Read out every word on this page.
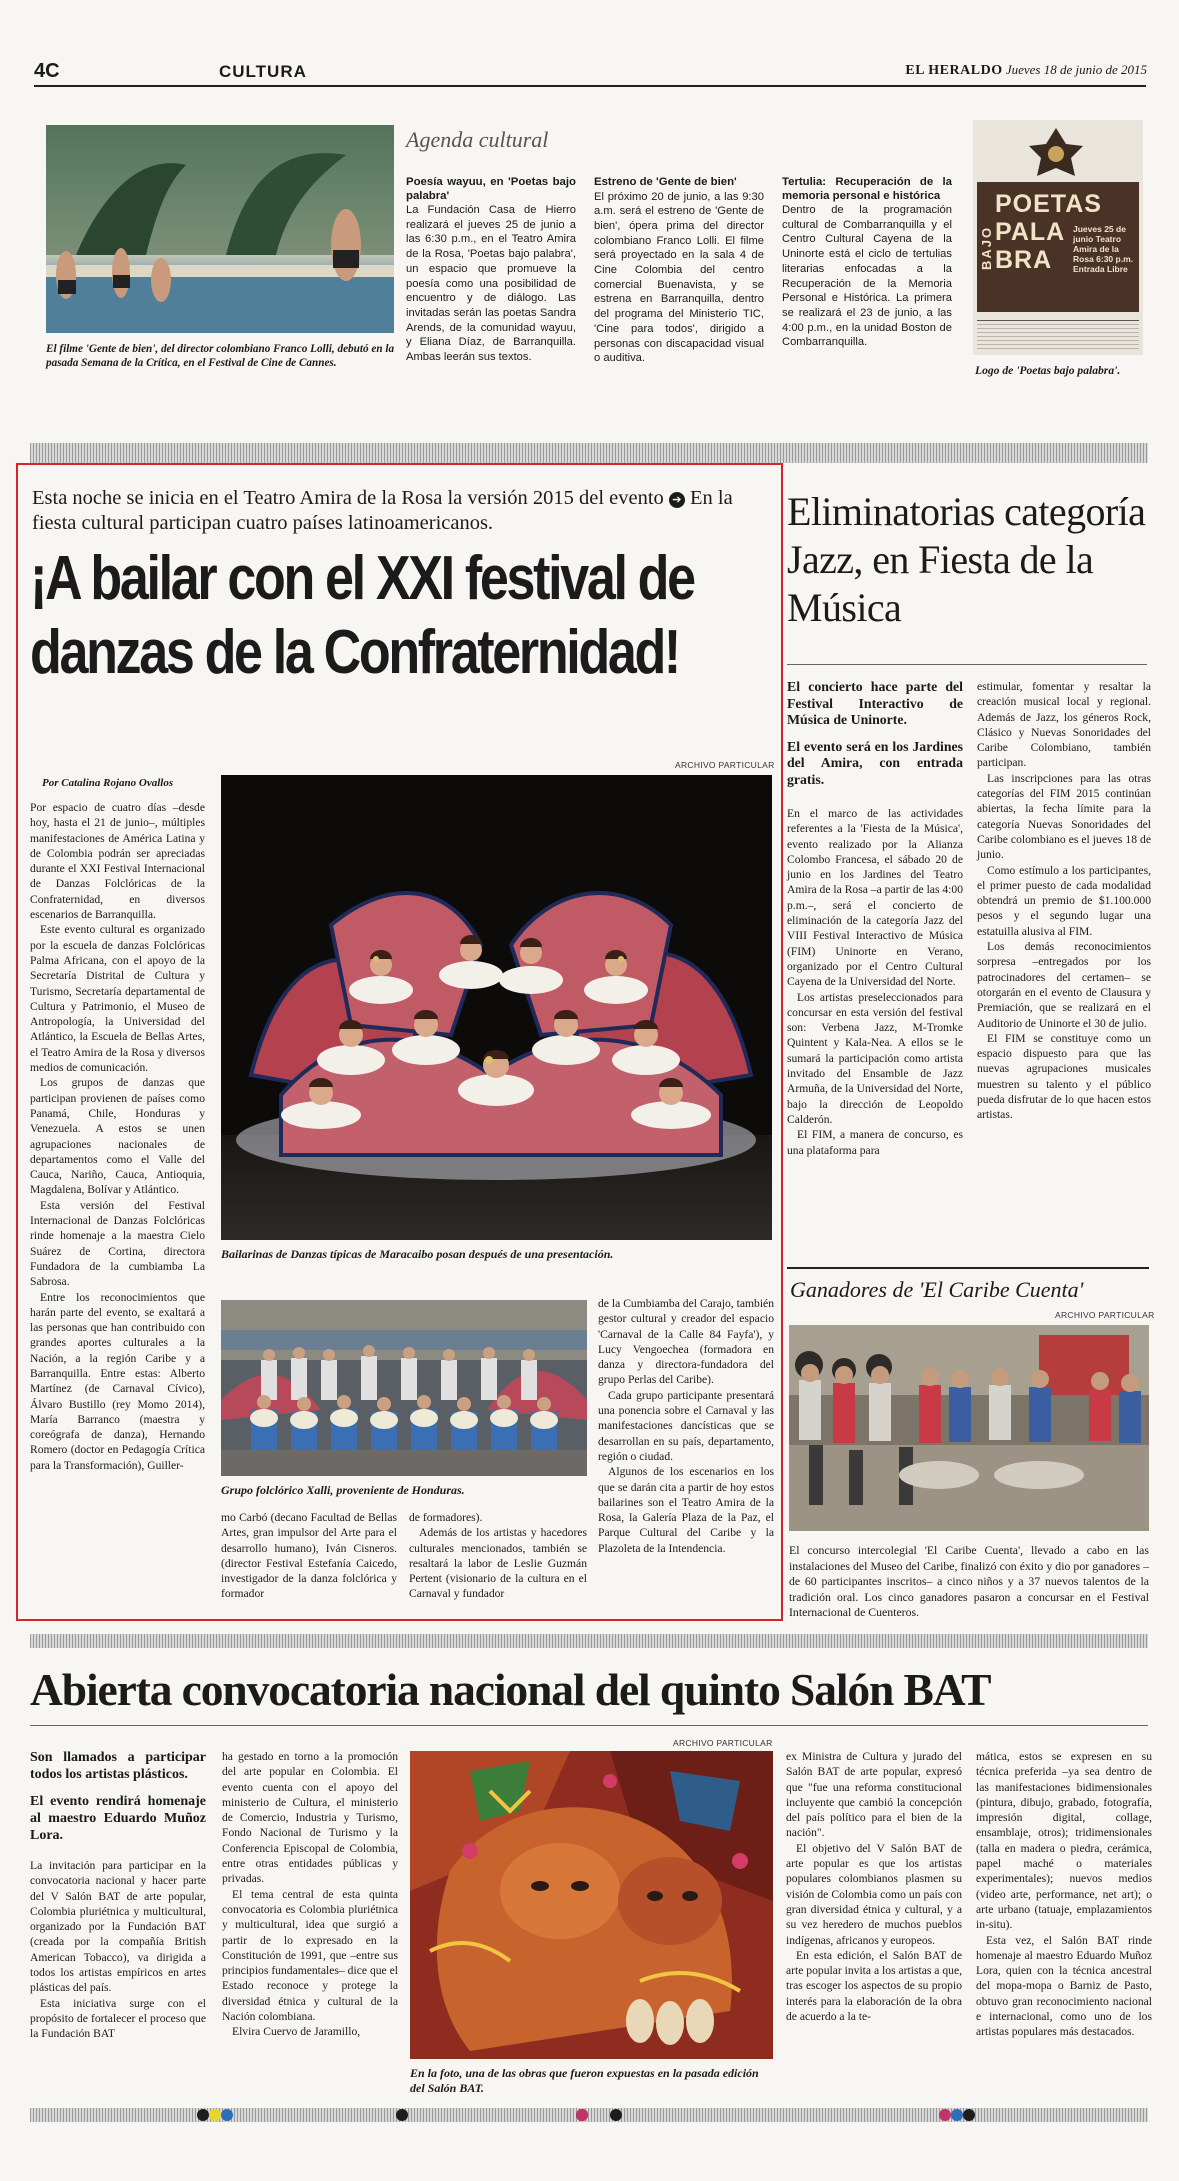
4C	CULTURA	EL HERALDO Jueves 18 de junio de 2015
El filme 'Gente de bien', del director colombiano Franco Lolli, debutó en la pasada Semana de la Crítica, en el Festival de Cine de Cannes.
Agenda cultural

Poesía wayuu, en 'Poetas bajo palabra'

La Fundación Casa de Hierro realizará el jueves 25 de junio a las 6:30 p.m., en el Teatro Amira de la Rosa, 'Poetas bajo palabra', un espacio que promueve la poesía como una posibilidad de encuentro y de diálogo. Las invitadas serán las poetas Sandra Arends, de la comunidad wayuu, y Eliana Díaz, de Barranquilla. Ambas leerán sus textos.

Estreno de 'Gente de bien'

El próximo 20 de junio, a las 9:30 a.m. será el estreno de 'Gente de bien', ópera prima del director colombiano Franco Lolli. El filme será proyectado en la sala 4 de Cine Colombia del centro comercial Buenavista, y se estrena en Barranquilla, dentro del programa del Ministerio TIC, 'Cine para todos', dirigido a personas con discapacidad visual o auditiva.

Tertulia: Recuperación de la memoria personal e histórica

Dentro de la programación cultural de Combarranquilla y el Centro Cultural Cayena de la Uninorte está el ciclo de tertulias literarias enfocadas a la Recuperación de la Memoria Personal e Histórica. La primera se realizará el 23 de junio, a las 4:00 p.m., en la unidad Boston de Combarranquilla.

BAJO
POETAS
PALA
BRA
Jueves 25 de junio Teatro Amira de la Rosa 6:30 p.m. Entrada Libre
Logo de 'Poetas bajo palabra'.
Esta noche se inicia en el Teatro Amira de la Rosa la versión 2015 del evento ➔ En la fiesta cultural participan cuatro países latinoamericanos.
¡A bailar con el XXI festival de danzas de la Confraternidad!
ARCHIVO PARTICULAR
Por Catalina Rojano Ovallos

Por espacio de cuatro días –desde hoy, hasta el 21 de junio–, múltiples manifestaciones de América Latina y de Colombia podrán ser apreciadas durante el XXI Festival Internacional de Danzas Folclóricas de la Confraternidad, en diversos escenarios de Barranquilla.

Este evento cultural es organizado por la escuela de danzas Folclóricas Palma Africana, con el apoyo de la Secretaría Distrital de Cultura y Turismo, Secretaría departamental de Cultura y Patrimonio, el Museo de Antropología, la Universidad del Atlántico, la Escuela de Bellas Artes, el Teatro Amira de la Rosa y diversos medios de comunicación.

Los grupos de danzas que participan provienen de países como Panamá, Chile, Honduras y Venezuela. A estos se unen agrupaciones nacionales de departamentos como el Valle del Cauca, Nariño, Cauca, Antioquia, Magdalena, Bolívar y Atlántico.

Esta versión del Festival Internacional de Danzas Folclóricas rinde homenaje a la maestra Cielo Suárez de Cortina, directora Fundadora de la cumbiamba La Sabrosa.

Entre los reconocimientos que harán parte del evento, se exaltará a las personas que han contribuido con grandes aportes culturales a la Nación, a la región Caribe y a Barranquilla. Entre estas: Alberto Martínez (de Carnaval Cívico), Álvaro Bustillo (rey Momo 2014), María Barranco (maestra y coreógrafa de danza), Hernando Romero (doctor en Pedagogía Crítica para la Transformación), Guiller-

Bailarinas de Danzas típicas de Maracaibo posan después de una presentación.
Grupo folclórico Xalli, proveniente de Honduras.

de la Cumbiamba del Carajo, también gestor cultural y creador del espacio 'Carnaval de la Calle 84 Fayfa'), y Lucy Vengoechea (formadora en danza y directora-fundadora del grupo Perlas del Caribe).

Cada grupo participante presentará una ponencia sobre el Carnaval y las manifestaciones dancísticas que se desarrollan en su país, departamento, región o ciudad.

Algunos de los escenarios en los que se darán cita a partir de hoy estos bailarines son el Teatro Amira de la Rosa, la Galería Plaza de la Paz, el Parque Cultural del Caribe y la Plazoleta de la Intendencia.

mo Carbó (decano Facultad de Bellas Artes, gran impulsor del Arte para el desarrollo humano), Iván Cisneros. (director Festival Estefanía Caicedo, investigador de la danza folclórica y formador

de formadores).

Además de los artistas y hacedores culturales mencionados, también se resaltará la labor de Leslie Guzmán Pertent (visionario de la cultura en el Carnaval y fundador

Eliminatorias categoría Jazz, en Fiesta de la Música

El concierto hace parte del Festival Interactivo de Música de Uninorte.

El evento será en los Jardines del Amira, con entrada gratis.

En el marco de las actividades referentes a la 'Fiesta de la Música', evento realizado por la Alianza Colombo Francesa, el sábado 20 de junio en los Jardines del Teatro Amira de la Rosa –a partir de las 4:00 p.m.–, será el concierto de eliminación de la categoría Jazz del VIII Festival Interactivo de Música (FIM) Uninorte en Verano, organizado por el Centro Cultural Cayena de la Universidad del Norte.

Los artistas preseleccionados para concursar en esta versión del festival son: Verbena Jazz, M-Tromke Quintent y Kala-Nea. A ellos se le sumará la participación como artista invitado del Ensamble de Jazz Armuña, de la Universidad del Norte, bajo la dirección de Leopoldo Calderón.

El FIM, a manera de concurso, es una plataforma para

estimular, fomentar y resaltar la creación musical local y regional. Además de Jazz, los géneros Rock, Clásico y Nuevas Sonoridades del Caribe Colombiano, también participan.

Las inscripciones para las otras categorías del FIM 2015 continúan abiertas, la fecha límite para la categoría Nuevas Sonoridades del Caribe colombiano es el jueves 18 de junio.

Como estímulo a los participantes, el primer puesto de cada modalidad obtendrá un premio de $1.100.000 pesos y el segundo lugar una estatuilla alusiva al FIM.

Los demás reconocimientos sorpresa –entregados por los patrocinadores del certamen– se otorgarán en el evento de Clausura y Premiación, que se realizará en el Auditorio de Uninorte el 30 de julio.

El FIM se constituye como un espacio dispuesto para que las nuevas agrupaciones musicales muestren su talento y el público pueda disfrutar de lo que hacen estos artistas.

Ganadores de 'El Caribe Cuenta'
ARCHIVO PARTICULAR
El concurso intercolegial 'El Caribe Cuenta', llevado a cabo en las instalaciones del Museo del Caribe, finalizó con éxito y dio por ganadores –de 60 participantes inscritos– a cinco niños y a 37 nuevos talentos de la tradición oral. Los cinco ganadores pasaron a concursar en el Festival Internacional de Cuenteros.
Abierta convocatoria nacional del quinto Salón BAT

Son llamados a participar todos los artistas plásticos.

El evento rendirá homenaje al maestro Eduardo Muñoz Lora.

La invitación para participar en la convocatoria nacional y hacer parte del V Salón BAT de arte popular, Colombia pluriétnica y multicultural, organizado por la Fundación BAT (creada por la compañía British American Tobacco), va dirigida a todos los artistas empíricos en artes plásticas del país.

Esta iniciativa surge con el propósito de fortalecer el proceso que la Fundación BAT

ha gestado en torno a la promoción del arte popular en Colombia. El evento cuenta con el apoyo del ministerio de Cultura, el ministerio de Comercio, Industria y Turismo, Fondo Nacional de Turismo y la Conferencia Episcopal de Colombia, entre otras entidades públicas y privadas.

El tema central de esta quinta convocatoria es Colombia pluriétnica y multicultural, idea que surgió a partir de lo expresado en la Constitución de 1991, que –entre sus principios fundamentales– dice que el Estado reconoce y protege la diversidad étnica y cultural de la Nación colombiana.

Elvira Cuervo de Jaramillo,

ARCHIVO PARTICULAR
En la foto, una de las obras que fueron expuestas en la pasada edición del Salón BAT.

ex Ministra de Cultura y jurado del Salón BAT de arte popular, expresó que "fue una reforma constitucional incluyente que cambió la concepción del país político para el bien de la nación".

El objetivo del V Salón BAT de arte popular es que los artistas populares colombianos plasmen su visión de Colombia como un país con gran diversidad étnica y cultural, y a su vez heredero de muchos pueblos indígenas, africanos y europeos.

En esta edición, el Salón BAT de arte popular invita a los artistas a que, tras escoger los aspectos de su propio interés para la elaboración de la obra de acuerdo a la te-

mática, estos se expresen en su técnica preferida –ya sea dentro de las manifestaciones bidimensionales (pintura, dibujo, grabado, fotografía, impresión digital, collage, ensamblaje, otros); tridimensionales (talla en madera o piedra, cerámica, papel maché o materiales experimentales); nuevos medios (video arte, performance, net art); o arte urbano (tatuaje, emplazamientos in-situ).

Esta vez, el Salón BAT rinde homenaje al maestro Eduardo Muñoz Lora, quien con la técnica ancestral del mopa-mopa o Barniz de Pasto, obtuvo gran reconocimiento nacional e internacional, como uno de los artistas populares más destacados.
